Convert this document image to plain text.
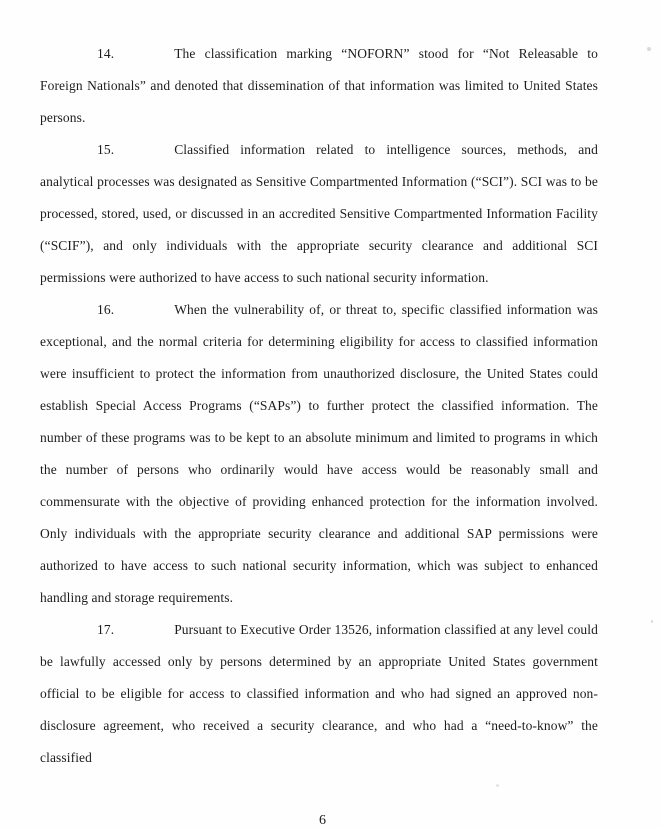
14.	The classification marking “NOFORN” stood for “Not Releasable to Foreign Nationals” and denoted that dissemination of that information was limited to United States persons.

15.	Classified information related to intelligence sources, methods, and analytical processes was designated as Sensitive Compartmented Information (“SCI”). SCI was to be processed, stored, used, or discussed in an accredited Sensitive Compartmented Information Facility (“SCIF”), and only individuals with the appropriate security clearance and additional SCI permissions were authorized to have access to such national security information.

16.	When the vulnerability of, or threat to, specific classified information was exceptional, and the normal criteria for determining eligibility for access to classified information were insufficient to protect the information from unauthorized disclosure, the United States could establish Special Access Programs (“SAPs”) to further protect the classified information. The number of these programs was to be kept to an absolute minimum and limited to programs in which the number of persons who ordinarily would have access would be reasonably small and commensurate with the objective of providing enhanced protection for the information involved. Only individuals with the appropriate security clearance and additional SAP permissions were authorized to have access to such national security information, which was subject to enhanced handling and storage requirements.

17.	Pursuant to Executive Order 13526, information classified at any level could be lawfully accessed only by persons determined by an appropriate United States government official to be eligible for access to classified information and who had signed an approved non-disclosure agreement, who received a security clearance, and who had a “need-to-know” the classified

6
